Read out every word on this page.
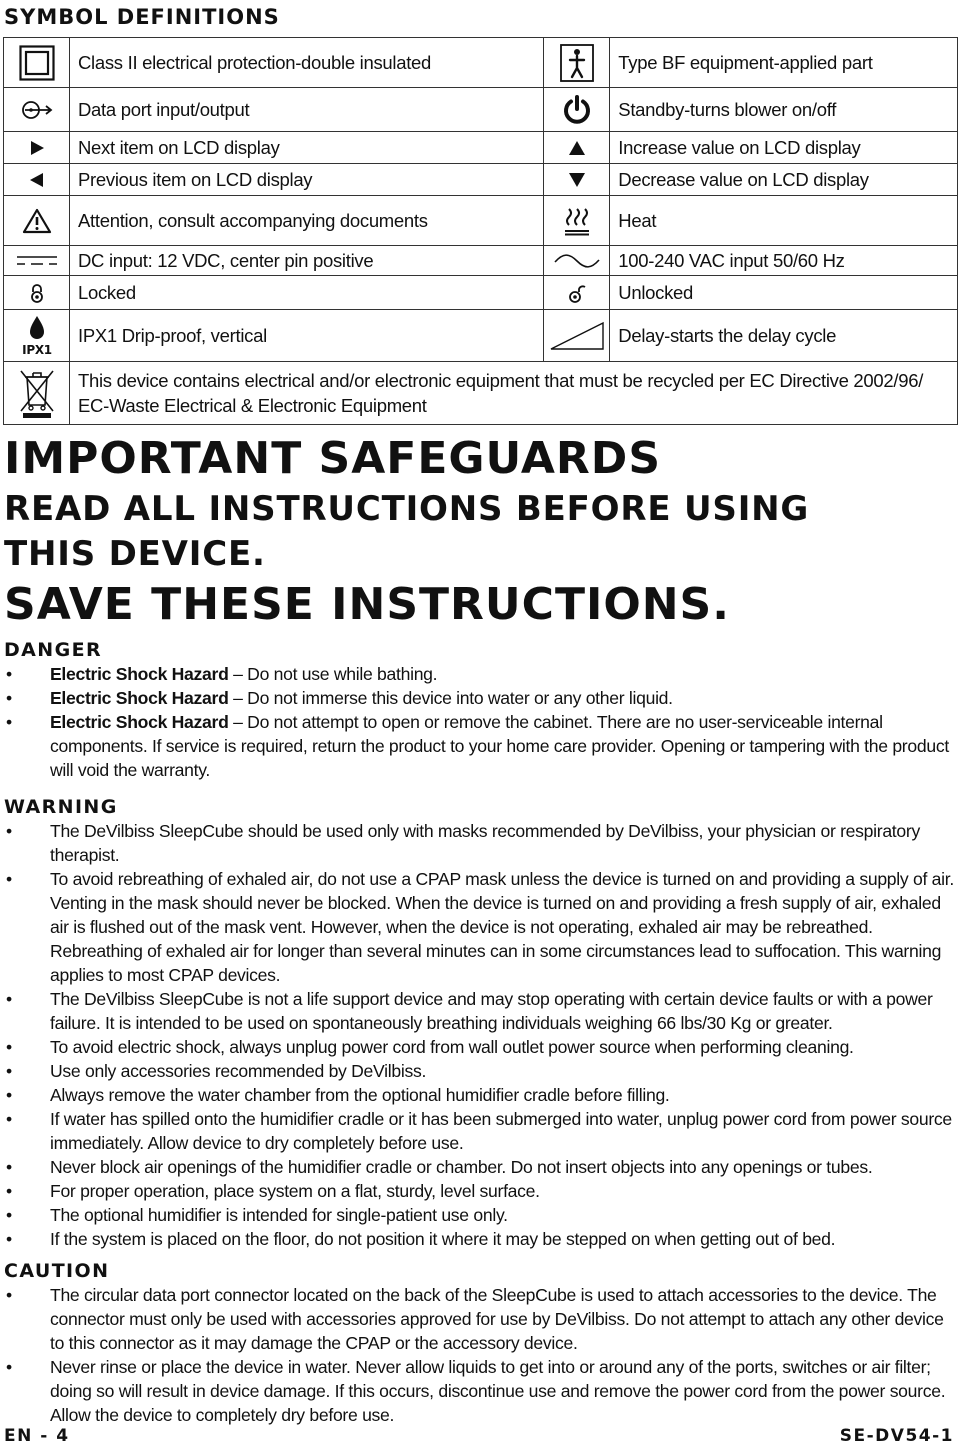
SYMBOL DEFINITIONS
	Class II electrical protection-double insulated		Type BF equipment-applied part

	Data port input/output		Standby-turns blower on/off

	Next item on LCD display		Increase value on LCD display

	Previous item on LCD display		Decrease value on LCD display

	Attention, consult accompanying documents		Heat

	DC input: 12 VDC, center pin positive		100-240 VAC input 50/60 Hz

	Locked		Unlocked

IPX1	IPX1 Drip-proof, vertical		Delay-starts the delay cycle

	This device contains electrical and/or electronic equipment that must be recycled per EC Directive 2002/96/
EC-Waste Electrical & Electronic Equipment		
IMPORTANT SAFEGUARDS
READ ALL INSTRUCTIONS BEFORE USING
THIS DEVICE.
SAVE THESE INSTRUCTIONS.
DANGER
• Electric Shock Hazard – Do not use while bathing.
• Electric Shock Hazard – Do not immerse this device into water or any other liquid.
• Electric Shock Hazard – Do not attempt to open or remove the cabinet. There are no user-serviceable internal components. If service is required, return the product to your home care provider. Opening or tampering with the product will void the warranty.
WARNING
• The DeVilbiss SleepCube should be used only with masks recommended by DeVilbiss, your physician or respiratory therapist.
• To avoid rebreathing of exhaled air, do not use a CPAP mask unless the device is turned on and providing a supply of air. Venting in the mask should never be blocked. When the device is turned on and providing a fresh supply of air, exhaled air is flushed out of the mask vent. However, when the device is not operating, exhaled air may be rebreathed. Rebreathing of exhaled air for longer than several minutes can in some circumstances lead to suffocation. This warning applies to most CPAP devices.
• The DeVilbiss SleepCube is not a life support device and may stop operating with certain device faults or with a power failure. It is intended to be used on spontaneously breathing individuals weighing 66 lbs/30 Kg or greater.
• To avoid electric shock, always unplug power cord from wall outlet power source when performing cleaning.
• Use only accessories recommended by DeVilbiss.
• Always remove the water chamber from the optional humidifier cradle before filling.
• If water has spilled onto the humidifier cradle or it has been submerged into water, unplug power cord from power source immediately. Allow device to dry completely before use.
• Never block air openings of the humidifier cradle or chamber. Do not insert objects into any openings or tubes.
• For proper operation, place system on a flat, sturdy, level surface.
• The optional humidifier is intended for single-patient use only.
• If the system is placed on the floor, do not position it where it may be stepped on when getting out of bed.
CAUTION
• The circular data port connector located on the back of the SleepCube is used to attach accessories to the device. The connector must only be used with accessories approved for use by DeVilbiss. Do not attempt to attach any other device to this connector as it may damage the CPAP or the accessory device.
• Never rinse or place the device in water. Never allow liquids to get into or around any of the ports, switches or air filter; doing so will result in device damage. If this occurs, discontinue use and remove the power cord from the power source. Allow the device to completely dry before use.
EN - 4	SE-DV54-1
